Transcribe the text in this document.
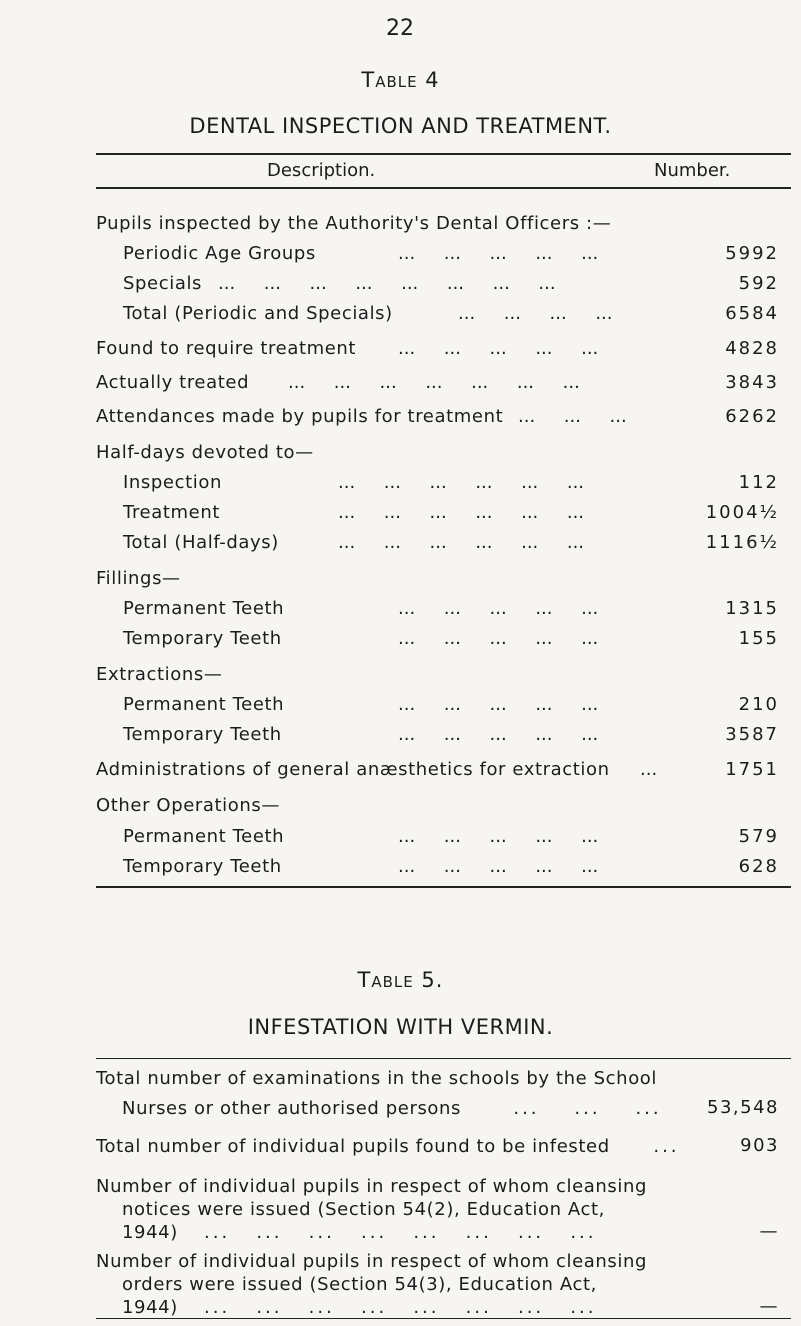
22
Table 4
DENTAL INSPECTION AND TREATMENT.
Description.	Number.
Pupils inspected by the Authority's Dental Officers :—
Periodic Age Groups	...     ...     ...     ...     ...	5992
Specials ...     ...     ...     ...     ...     ...     ...     ...	592
Total (Periodic and Specials)	...     ...     ...     ...	6584
Found to require treatment ...     ...     ...     ...     ...	4828
Actually treated ...     ...     ...     ...     ...     ...     ...	3843
Attendances made by pupils for treatment ...     ...     ...	6262
Half-days devoted to—
Inspection	...     ...     ...     ...     ...     ...	112
Treatment	...     ...     ...     ...     ...     ...	1004½
Total (Half-days)	...     ...     ...     ...     ...     ...	1116½
Fillings—
Permanent Teeth	...     ...     ...     ...     ...	1315
Temporary Teeth	...     ...     ...     ...     ...	155
Extractions—
Permanent Teeth	...     ...     ...     ...     ...	210
Temporary Teeth	...     ...     ...     ...     ...	3587
Administrations of general anæsthetics for extraction ...	1751
Other Operations—
Permanent Teeth	...     ...     ...     ...     ...	579
Temporary Teeth	...     ...     ...     ...     ...	628
Table 5.
INFESTATION WITH VERMIN.
Total number of examinations in the schools by the School
Nurses or other authorised persons      ...    ...    ...	53,548
Total number of individual pupils found to be infested     ...	903
Number of individual pupils in respect of whom cleansing
notices were issued (Section 54(2), Education Act,
1944)   ...   ...   ...   ...   ...   ...   ...   ...	—
Number of individual pupils in respect of whom cleansing
orders were issued (Section 54(3), Education Act,
1944)   ...   ...   ...   ...   ...   ...   ...   ...	—
